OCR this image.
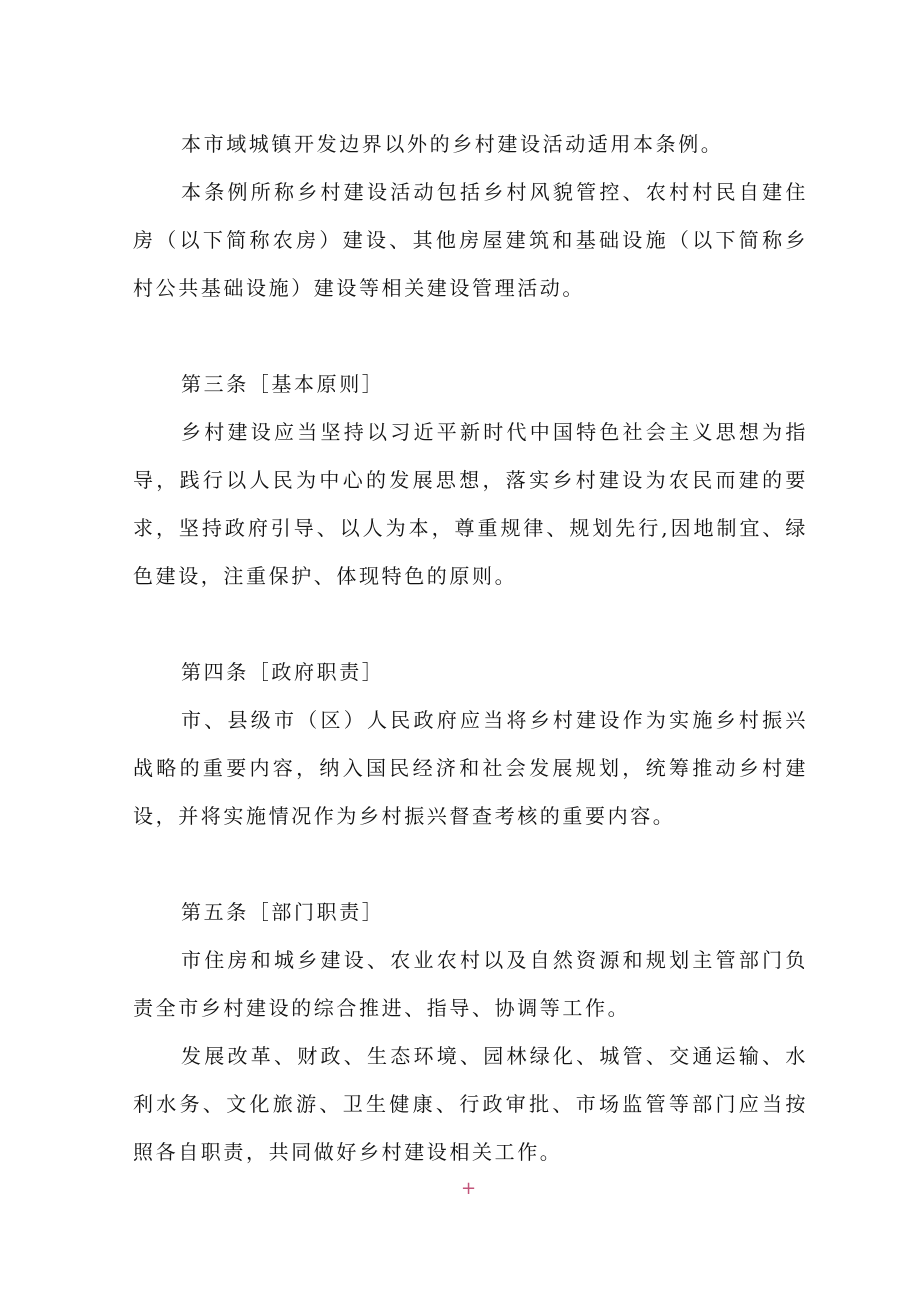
本市域城镇开发边界以外的乡村建设活动适用本条例。

本条例所称乡村建设活动包括乡村风貌管控、农村村民自建住房（以下简称农房）建设、其他房屋建筑和基础设施（以下简称乡村公共基础设施）建设等相关建设管理活动。

第三条［基本原则］

乡村建设应当坚持以习近平新时代中国特色社会主义思想为指导，践行以人民为中心的发展思想，落实乡村建设为农民而建的要求，坚持政府引导、以人为本，尊重规律、规划先行,因地制宜、绿色建设，注重保护、体现特色的原则。

第四条［政府职责］

市、县级市（区）人民政府应当将乡村建设作为实施乡村振兴战略的重要内容，纳入国民经济和社会发展规划，统筹推动乡村建设，并将实施情况作为乡村振兴督查考核的重要内容。

第五条［部门职责］

市住房和城乡建设、农业农村以及自然资源和规划主管部门负责全市乡村建设的综合推进、指导、协调等工作。

发展改革、财政、生态环境、园林绿化、城管、交通运输、水利水务、文化旅游、卫生健康、行政审批、市场监管等部门应当按照各自职责，共同做好乡村建设相关工作。

+
